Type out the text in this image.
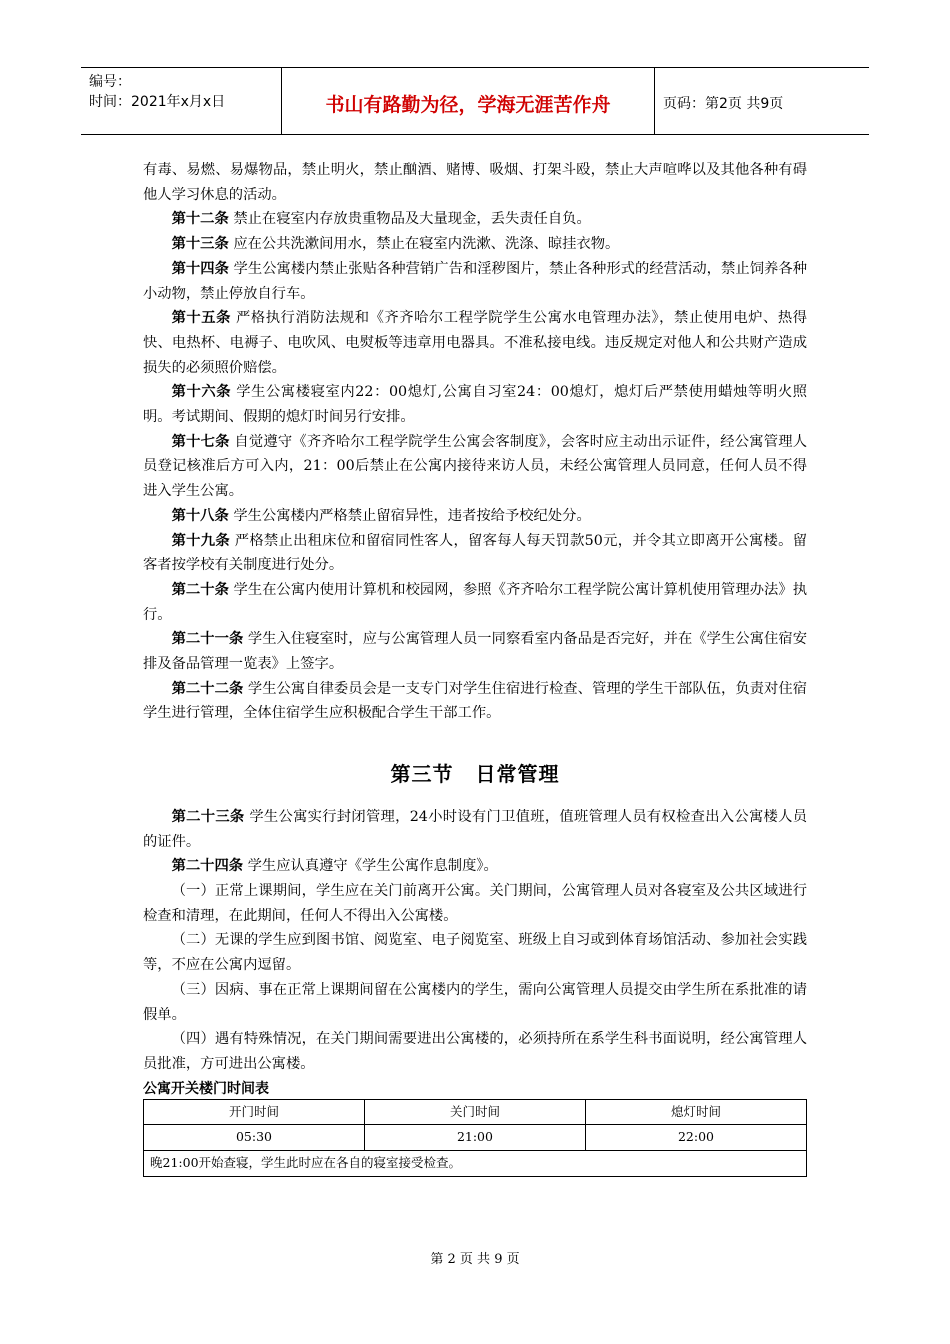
编号：
时间：2021年x月x日	书山有路勤为径，学海无涯苦作舟	页码：第2页 共9页

有毒、易燃、易爆物品，禁止明火，禁止酗酒、赌博、吸烟、打架斗殴，禁止大声喧哗以及其他各种有碍他人学习休息的活动。

第十二条 禁止在寝室内存放贵重物品及大量现金，丢失责任自负。

第十三条 应在公共洗漱间用水，禁止在寝室内洗漱、洗涤、晾挂衣物。

第十四条 学生公寓楼内禁止张贴各种营销广告和淫秽图片，禁止各种形式的经营活动，禁止饲养各种小动物，禁止停放自行车。

第十五条 严格执行消防法规和《齐齐哈尔工程学院学生公寓水电管理办法》，禁止使用电炉、热得快、电热杯、电褥子、电吹风、电熨板等违章用电器具。不准私接电线。违反规定对他人和公共财产造成损失的必须照价赔偿。

第十六条 学生公寓楼寝室内22：00熄灯,公寓自习室24：00熄灯，熄灯后严禁使用蜡烛等明火照明。考试期间、假期的熄灯时间另行安排。

第十七条 自觉遵守《齐齐哈尔工程学院学生公寓会客制度》，会客时应主动出示证件，经公寓管理人员登记核准后方可入内，21：00后禁止在公寓内接待来访人员，未经公寓管理人员同意，任何人员不得进入学生公寓。

第十八条 学生公寓楼内严格禁止留宿异性，违者按给予校纪处分。

第十九条 严格禁止出租床位和留宿同性客人，留客每人每天罚款50元，并令其立即离开公寓楼。留客者按学校有关制度进行处分。

第二十条 学生在公寓内使用计算机和校园网，参照《齐齐哈尔工程学院公寓计算机使用管理办法》执行。

第二十一条 学生入住寝室时，应与公寓管理人员一同察看室内备品是否完好，并在《学生公寓住宿安排及备品管理一览表》上签字。

第二十二条 学生公寓自律委员会是一支专门对学生住宿进行检查、管理的学生干部队伍，负责对住宿学生进行管理，全体住宿学生应积极配合学生干部工作。

第三节 日常管理

第二十三条 学生公寓实行封闭管理，24小时设有门卫值班，值班管理人员有权检查出入公寓楼人员的证件。

第二十四条 学生应认真遵守《学生公寓作息制度》。

（一）正常上课期间，学生应在关门前离开公寓。关门期间，公寓管理人员对各寝室及公共区域进行检查和清理，在此期间，任何人不得出入公寓楼。

（二）无课的学生应到图书馆、阅览室、电子阅览室、班级上自习或到体育场馆活动、参加社会实践等，不应在公寓内逗留。

（三）因病、事在正常上课期间留在公寓楼内的学生，需向公寓管理人员提交由学生所在系批准的请假单。

（四）遇有特殊情况，在关门期间需要进出公寓楼的，必须持所在系学生科书面说明，经公寓管理人员批准，方可进出公寓楼。

公寓开关楼门时间表
开门时间	关门时间	熄灯时间
05:30	21:00	22:00
晚21:00开始查寝，学生此时应在各自的寝室接受检查。		
第 2 页 共 9 页
